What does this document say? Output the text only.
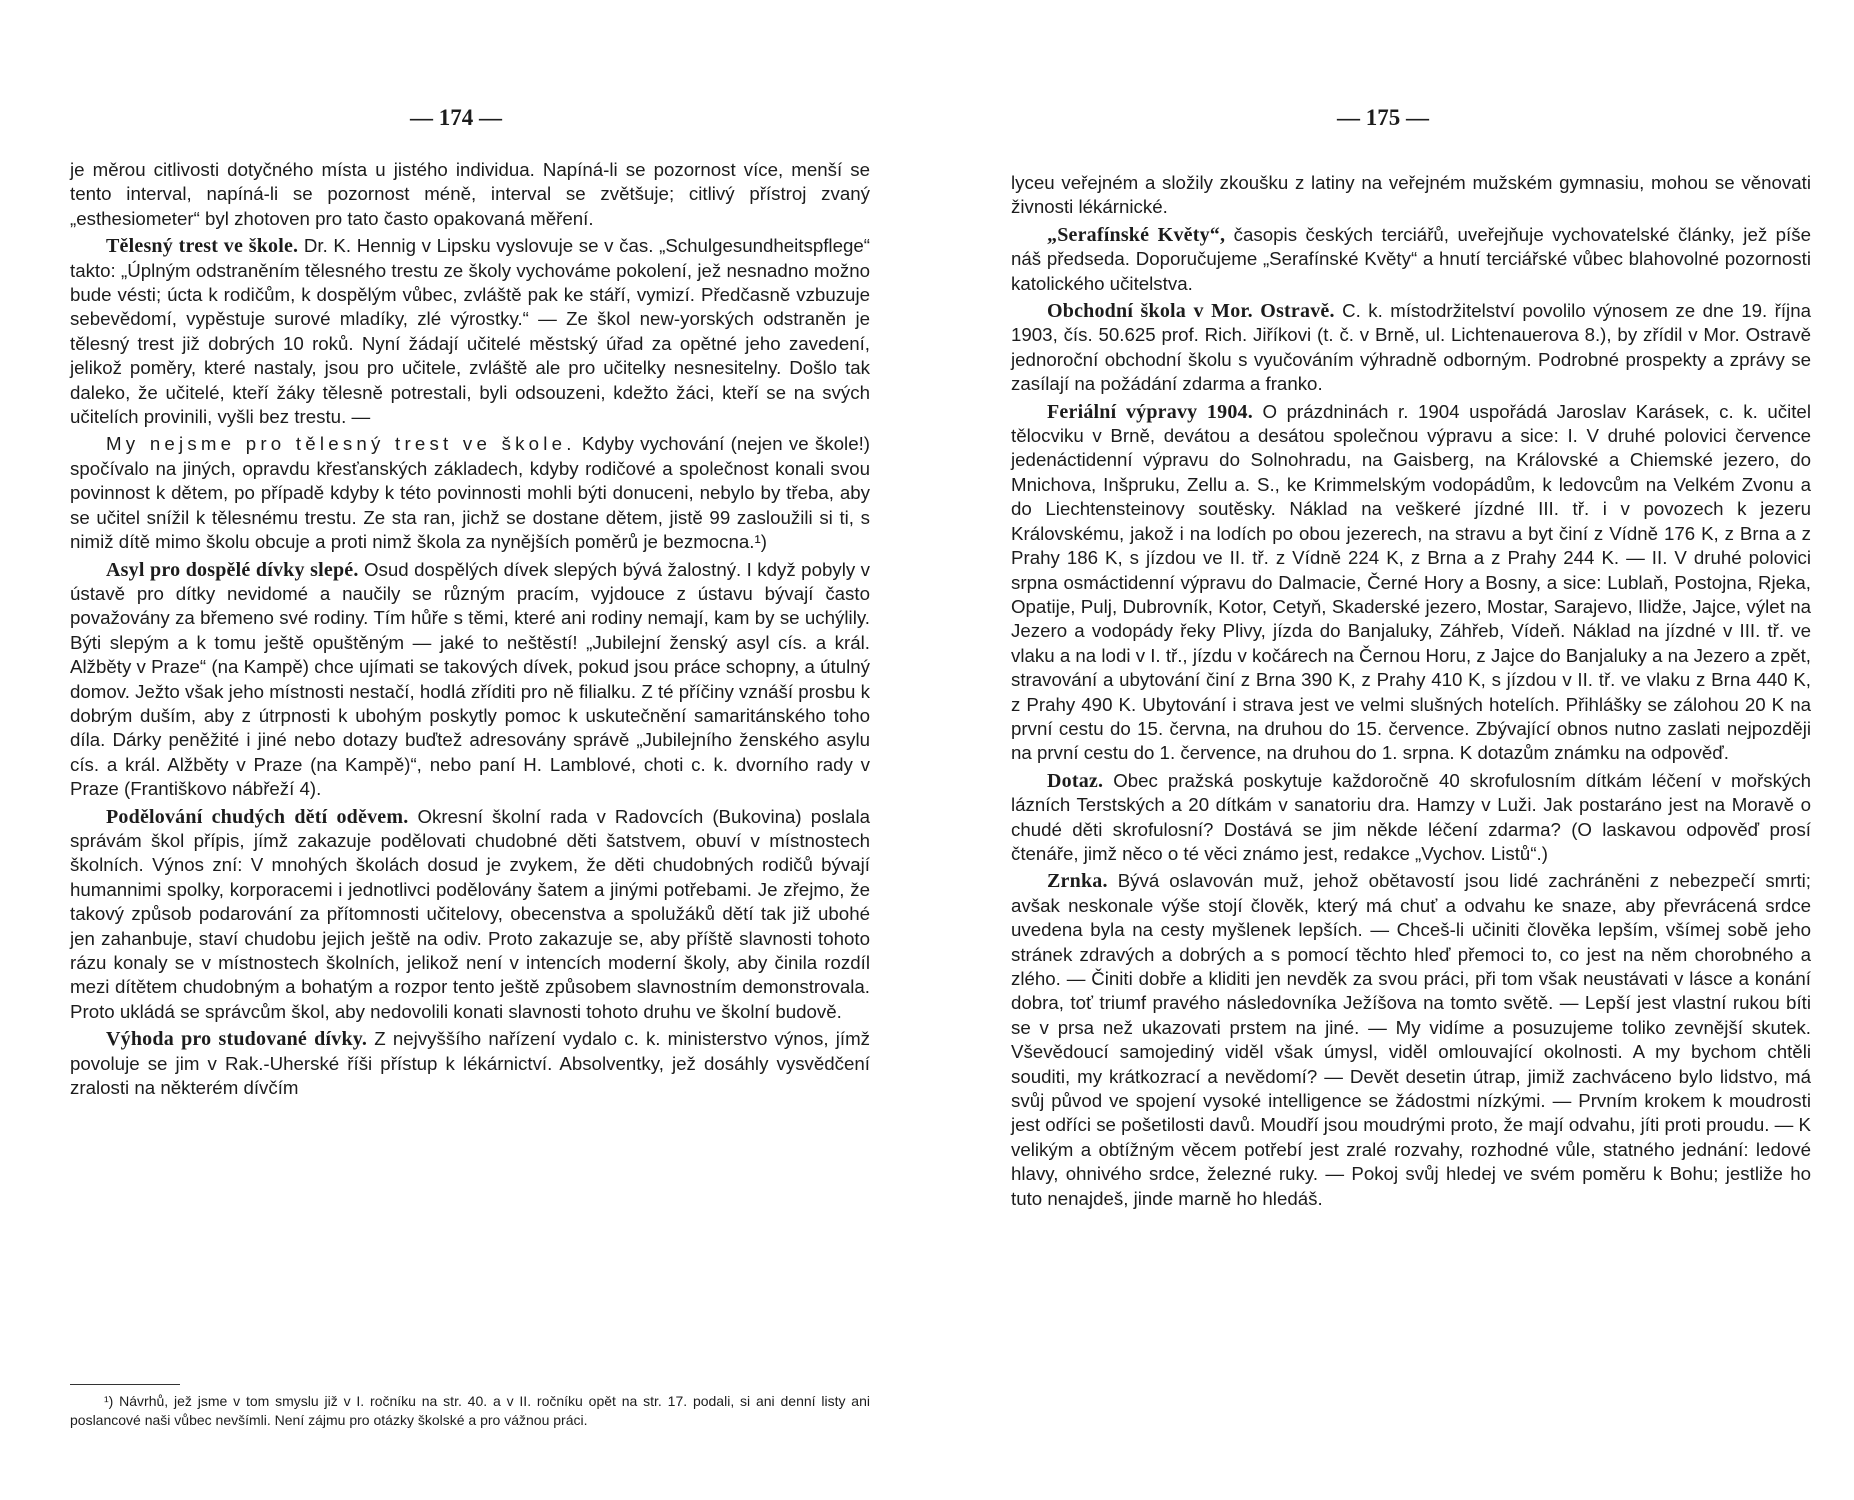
— 174 —

je měrou citlivosti dotyčného místa u jistého individua. Napíná-li se pozornost více, menší se tento interval, napíná-li se pozornost méně, interval se zvětšuje; citlivý přístroj zvaný „esthesiometer“ byl zhotoven pro tato často opakovaná měření.

Tělesný trest ve škole. Dr. K. Hennig v Lipsku vyslovuje se v čas. „Schulgesundheitspflege“ takto: „Úplným odstraněním tělesného trestu ze školy vychováme pokolení, jež nesnadno možno bude vésti; úcta k rodičům, k dospělým vůbec, zvláště pak ke stáří, vymizí. Předčasně vzbuzuje sebevědomí, vypěstuje surové mladíky, zlé výrostky.“ — Ze škol new-yorských odstraněn je tělesný trest již dobrých 10 roků. Nyní žádají učitelé městský úřad za opětné jeho zavedení, jelikož poměry, které nastaly, jsou pro učitele, zvláště ale pro učitelky nesnesitelny. Došlo tak daleko, že učitelé, kteří žáky tělesně potrestali, byli odsouzeni, kdežto žáci, kteří se na svých učitelích provinili, vyšli bez trestu. —

My nejsme pro tělesný trest ve škole. Kdyby vychování (nejen ve škole!) spočívalo na jiných, opravdu křesťanských základech, kdyby rodičové a společnost konali svou povinnost k dětem, po případě kdyby k této povinnosti mohli býti donuceni, nebylo by třeba, aby se učitel snížil k tělesnému trestu. Ze sta ran, jichž se dostane dětem, jistě 99 zasloužili si ti, s nimiž dítě mimo školu obcuje a proti nimž škola za nynějších poměrů je bezmocna.¹)

Asyl pro dospělé dívky slepé. Osud dospělých dívek slepých bývá žalostný. I když pobyly v ústavě pro dítky nevidomé a naučily se různým pracím, vyjdouce z ústavu bývají často považovány za břemeno své rodiny. Tím hůře s těmi, které ani rodiny nemají, kam by se uchýlily. Býti slepým a k tomu ještě opuštěným — jaké to neštěstí! „Jubilejní ženský asyl cís. a král. Alžběty v Praze“ (na Kampě) chce ujímati se takových dívek, pokud jsou práce schopny, a útulný domov. Ježto však jeho místnosti nestačí, hodlá zříditi pro ně filialku. Z té příčiny vznáší prosbu k dobrým duším, aby z útrpnosti k ubohým poskytly pomoc k uskutečnění samaritánského toho díla. Dárky peněžité i jiné nebo dotazy buďtež adresovány správě „Jubilejního ženského asylu cís. a král. Alžběty v Praze (na Kampě)“, nebo paní H. Lamblové, choti c. k. dvorního rady v Praze (Františkovo nábřeží 4).

Podělování chudých dětí oděvem. Okresní školní rada v Radovcích (Bukovina) poslala správám škol přípis, jímž zakazuje podělovati chudobné děti šatstvem, obuví v místnostech školních. Výnos zní: V mnohých školách dosud je zvykem, že děti chudobných rodičů bývají humannimi spolky, korporacemi i jednotlivci podělovány šatem a jinými potřebami. Je zřejmo, že takový způsob podarování za přítomnosti učitelovy, obecenstva a spolužáků dětí tak již ubohé jen zahanbuje, staví chudobu jejich ještě na odiv. Proto zakazuje se, aby příště slavnosti tohoto rázu konaly se v místnostech školních, jelikož není v intencích moderní školy, aby činila rozdíl mezi dítětem chudobným a bohatým a rozpor tento ještě způsobem slavnostním demonstrovala. Proto ukládá se správcům škol, aby nedovolili konati slavnosti tohoto druhu ve školní budově.

Výhoda pro studované dívky. Z nejvyššího nařízení vydalo c. k. ministerstvo výnos, jímž povoluje se jim v Rak.-Uherské říši přístup k lékárnictví. Absolventky, jež dosáhly vysvědčení zralosti na některém dívčím

¹) Návrhů, jež jsme v tom smyslu již v I. ročníku na str. 40. a v II. ročníku opět na str. 17. podali, si ani denní listy ani poslancové naši vůbec nevšímli. Není zájmu pro otázky školské a pro vážnou práci.

— 175 —

lyceu veřejném a složily zkoušku z latiny na veřejném mužském gymnasiu, mohou se věnovati živnosti lékárnické.

„Serafínské Květy“, časopis českých terciářů, uveřejňuje vychovatelské články, jež píše náš předseda. Doporučujeme „Serafínské Květy“ a hnutí terciářské vůbec blahovolné pozornosti katolického učitelstva.

Obchodní škola v Mor. Ostravě. C. k. místodržitelství povolilo výnosem ze dne 19. října 1903, čís. 50.625 prof. Rich. Jiříkovi (t. č. v Brně, ul. Lichtenauerova 8.), by zřídil v Mor. Ostravě jednoroční obchodní školu s vyučováním výhradně odborným. Podrobné prospekty a zprávy se zasílají na požádání zdarma a franko.

Feriální výpravy 1904. O prázdninách r. 1904 uspořádá Jaroslav Karásek, c. k. učitel tělocviku v Brně, devátou a desátou společnou výpravu a sice: I. V druhé polovici července jedenáctidenní výpravu do Solnohradu, na Gaisberg, na Královské a Chiemské jezero, do Mnichova, Inšpruku, Zellu a. S., ke Krimmelským vodopádům, k ledovcům na Velkém Zvonu a do Liechtensteinovy soutěsky. Náklad na veškeré jízdné III. tř. i v povozech k jezeru Královskému, jakož i na lodích po obou jezerech, na stravu a byt činí z Vídně 176 K, z Brna a z Prahy 186 K, s jízdou ve II. tř. z Vídně 224 K, z Brna a z Prahy 244 K. — II. V druhé polovici srpna osmáctidenní výpravu do Dalmacie, Černé Hory a Bosny, a sice: Lublaň, Postojna, Rjeka, Opatije, Pulj, Dubrovník, Kotor, Cetyň, Skaderské jezero, Mostar, Sarajevo, Ilidže, Jajce, výlet na Jezero a vodopády řeky Plivy, jízda do Banjaluky, Záhřeb, Vídeň. Náklad na jízdné v III. tř. ve vlaku a na lodi v I. tř., jízdu v kočárech na Černou Horu, z Jajce do Banjaluky a na Jezero a zpět, stravování a ubytování činí z Brna 390 K, z Prahy 410 K, s jízdou v II. tř. ve vlaku z Brna 440 K, z Prahy 490 K. Ubytování i strava jest ve velmi slušných hotelích. Přihlášky se zálohou 20 K na první cestu do 15. června, na druhou do 15. července. Zbývající obnos nutno zaslati nejpozději na první cestu do 1. července, na druhou do 1. srpna. K dotazům známku na odpověď.

Dotaz. Obec pražská poskytuje každoročně 40 skrofulosním dítkám léčení v mořských lázních Terstských a 20 dítkám v sanatoriu dra. Hamzy v Luži. Jak postaráno jest na Moravě o chudé děti skrofulosní? Dostává se jim někde léčení zdarma? (O laskavou odpověď prosí čtenáře, jimž něco o té věci známo jest, redakce „Vychov. Listů“.)

Zrnka. Bývá oslavován muž, jehož obětavostí jsou lidé zachráněni z nebezpečí smrti; avšak neskonale výše stojí člověk, který má chuť a odvahu ke snaze, aby převrácená srdce uvedena byla na cesty myšlenek lepších. — Chceš-li učiniti člověka lepším, všímej sobě jeho stránek zdravých a dobrých a s pomocí těchto hleď přemoci to, co jest na něm chorobného a zlého. — Činiti dobře a kliditi jen nevděk za svou práci, při tom však neustávati v lásce a konání dobra, toť triumf pravého následovníka Ježíšova na tomto světě. — Lepší jest vlastní rukou bíti se v prsa než ukazovati prstem na jiné. — My vidíme a posuzujeme toliko zevnější skutek. Vševědoucí samojediný viděl však úmysl, viděl omlouvající okolnosti. A my bychom chtěli souditi, my krátkozrací a nevědomí? — Devět desetin útrap, jimiž zachváceno bylo lidstvo, má svůj původ ve spojení vysoké intelligence se žádostmi nízkými. — Prvním krokem k moudrosti jest odříci se pošetilosti davů. Moudří jsou moudrými proto, že mají odvahu, jíti proti proudu. — K velikým a obtížným věcem potřebí jest zralé rozvahy, rozhodné vůle, statného jednání: ledové hlavy, ohnivého srdce, železné ruky. — Pokoj svůj hledej ve svém poměru k Bohu; jestliže ho tuto nenajdeš, jinde marně ho hledáš.
